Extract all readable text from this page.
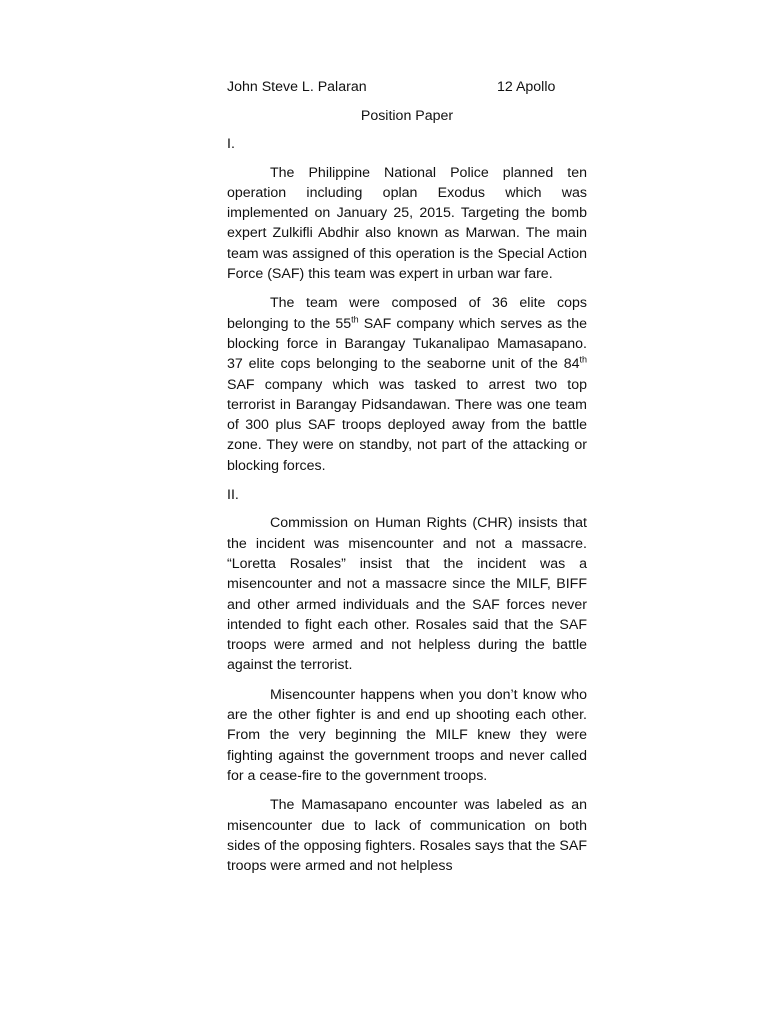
John Steve L. Palaran	12 Apollo
Position Paper
I.

The Philippine National Police planned ten operation including oplan Exodus which was implemented on January 25, 2015. Targeting the bomb expert Zulkifli Abdhir also known as Marwan. The main team was assigned of this operation is the Special Action Force (SAF) this team was expert in urban war fare.

The team were composed of 36 elite cops belonging to the 55th SAF company which serves as the blocking force in Barangay Tukanalipao Mamasapano. 37 elite cops belonging to the seaborne unit of the 84th SAF company which was tasked to arrest two top terrorist in Barangay Pidsandawan. There was one team of 300 plus SAF troops deployed away from the battle zone. They were on standby, not part of the attacking or blocking forces.

II.

Commission on Human Rights (CHR) insists that the incident was misencounter and not a massacre. “Loretta Rosales” insist that the incident was a misencounter and not a massacre since the MILF, BIFF and other armed individuals and the SAF forces never intended to fight each other. Rosales said that the SAF troops were armed and not helpless during the battle against the terrorist.

Misencounter happens when you don’t know who are the other fighter is and end up shooting each other. From the very beginning the MILF knew they were fighting against the government troops and never called for a cease-fire to the government troops.

The Mamasapano encounter was labeled as an misencounter due to lack of communication on both sides of the opposing fighters. Rosales says that the SAF troops were armed and not helpless
